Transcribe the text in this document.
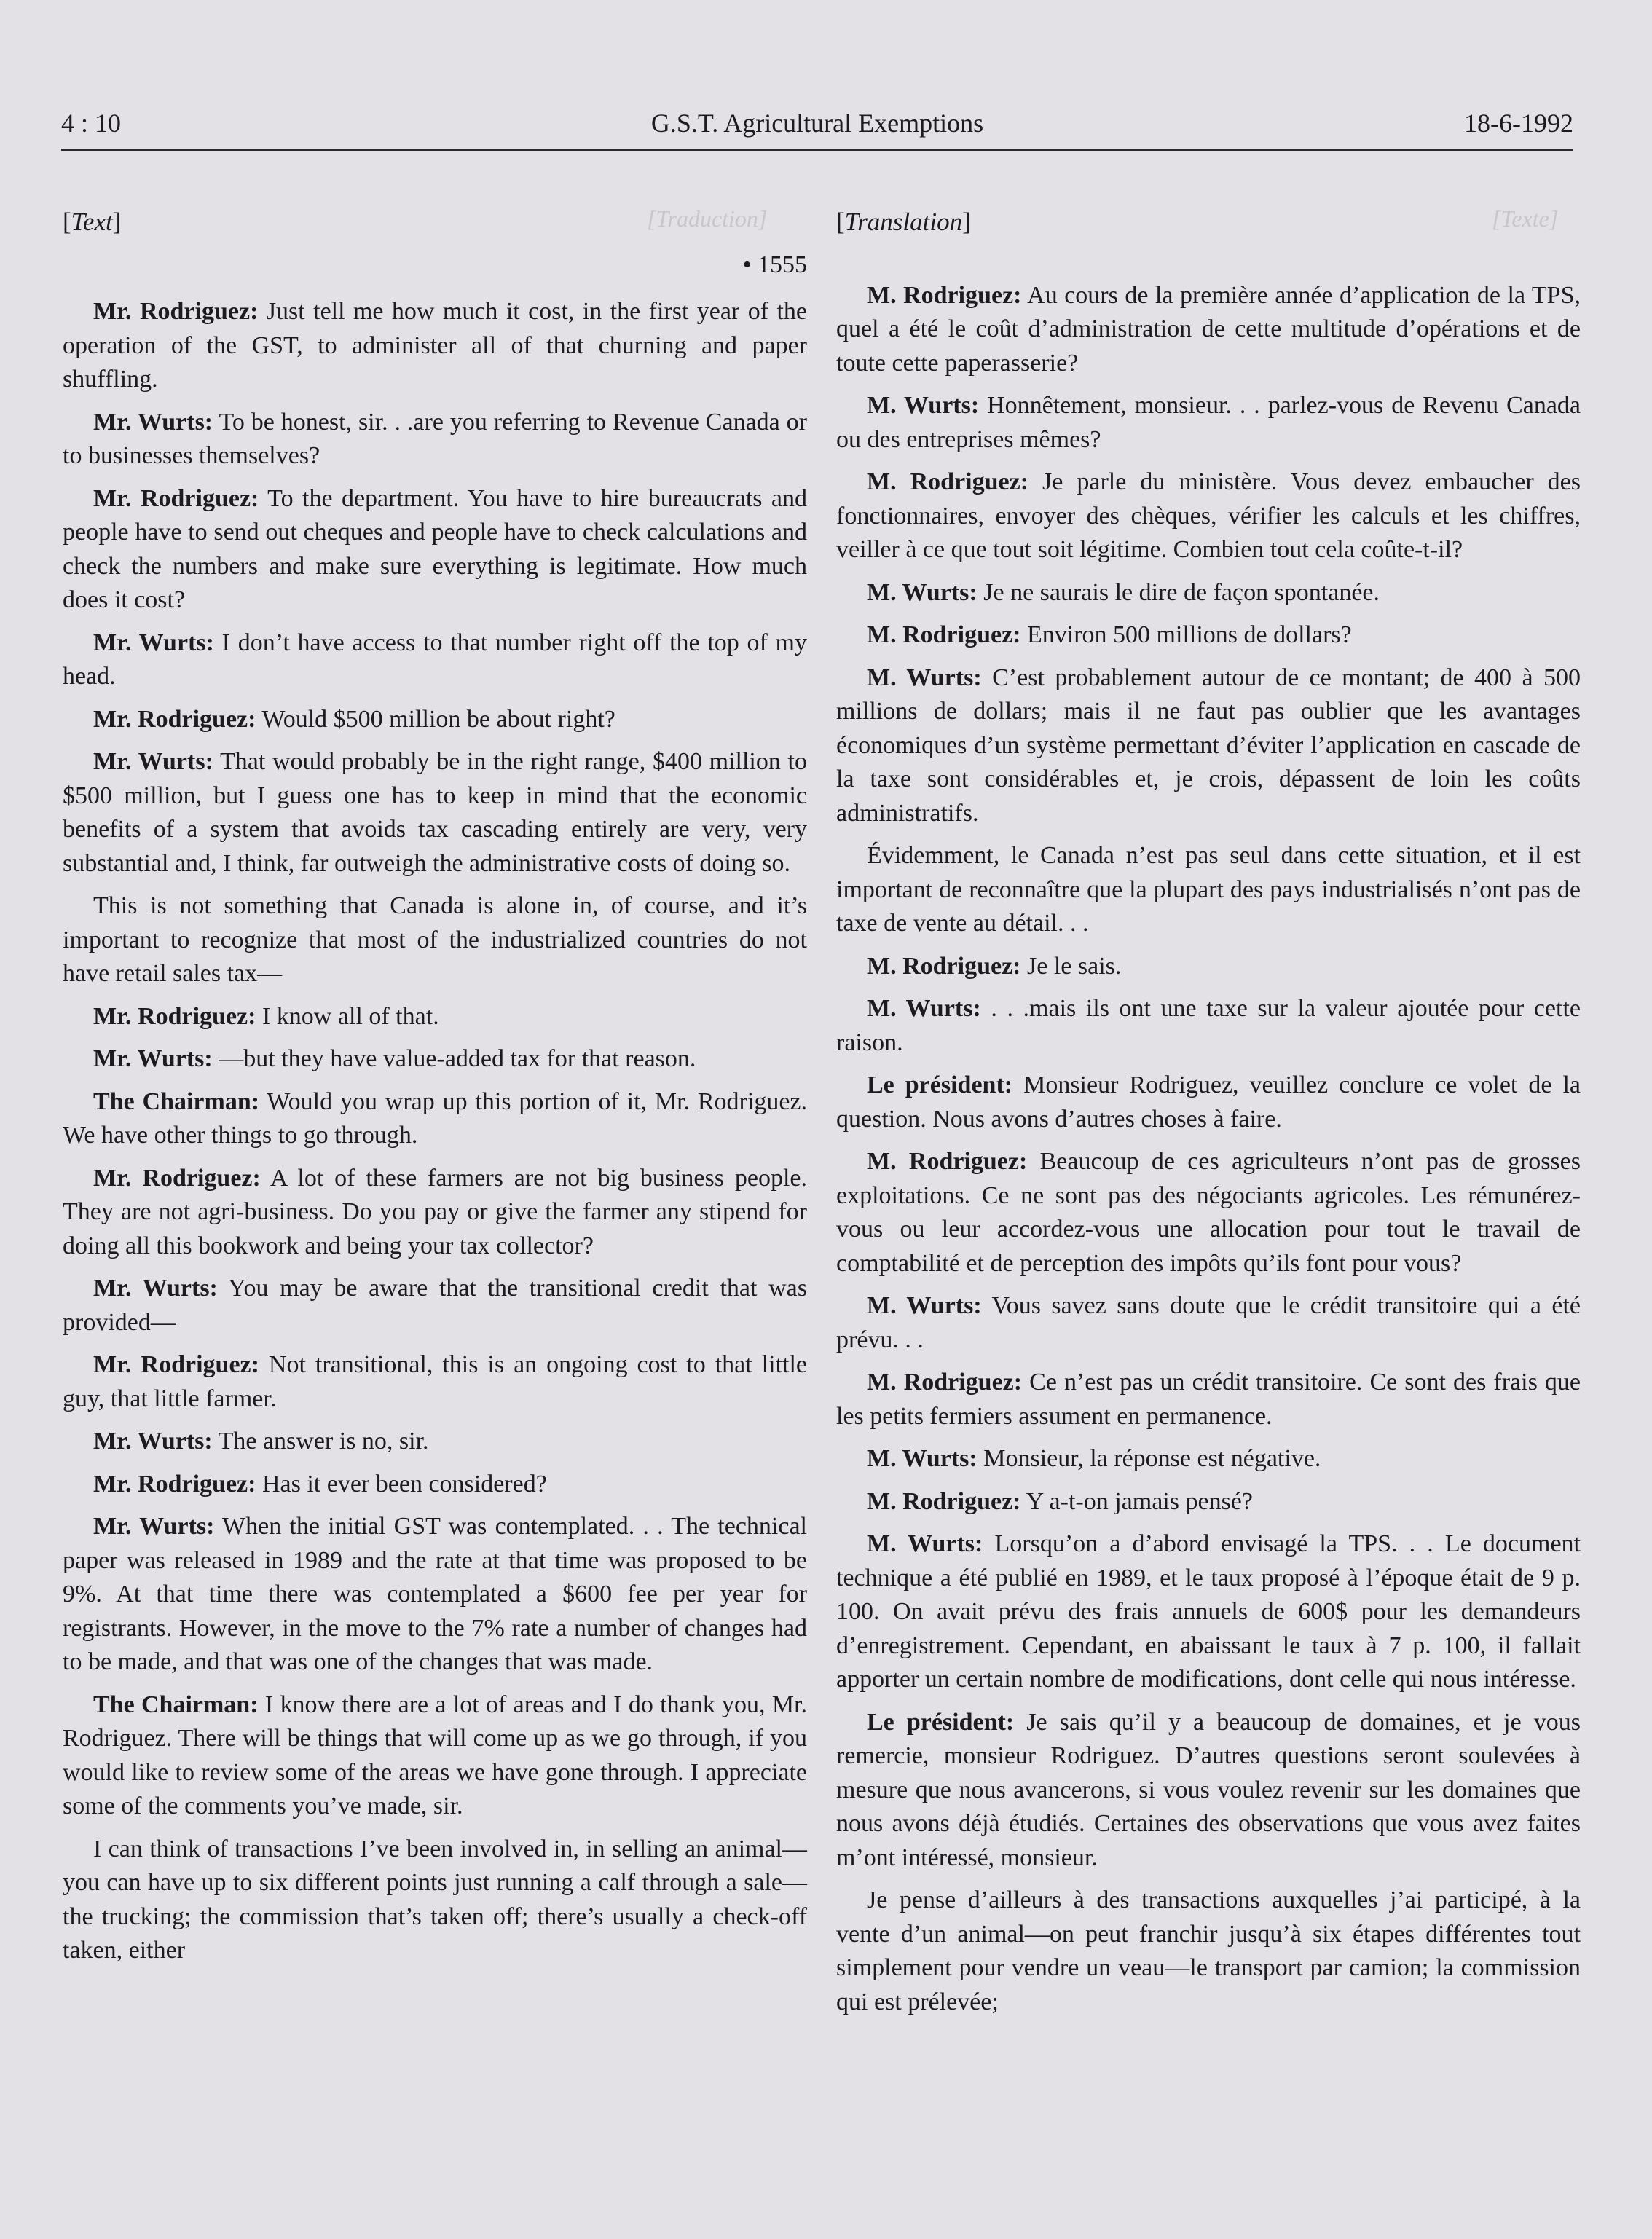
[Traduction]	[Texte]
4 : 10	G.S.T. Agricultural Exemptions	18-6-1992
[Text]
• 1555

Mr. Rodriguez: Just tell me how much it cost, in the first year of the operation of the GST, to administer all of that churning and paper shuffling.

Mr. Wurts: To be honest, sir. . .are you referring to Revenue Canada or to businesses themselves?

Mr. Rodriguez: To the department. You have to hire bureaucrats and people have to send out cheques and people have to check calculations and check the numbers and make sure everything is legitimate. How much does it cost?

Mr. Wurts: I don’t have access to that number right off the top of my head.

Mr. Rodriguez: Would $500 million be about right?

Mr. Wurts: That would probably be in the right range, $400 million to $500 million, but I guess one has to keep in mind that the economic benefits of a system that avoids tax cascading entirely are very, very substantial and, I think, far outweigh the administrative costs of doing so.

This is not something that Canada is alone in, of course, and it’s important to recognize that most of the industrialized countries do not have retail sales tax—

Mr. Rodriguez: I know all of that.

Mr. Wurts: —but they have value-added tax for that reason.

The Chairman: Would you wrap up this portion of it, Mr. Rodriguez. We have other things to go through.

Mr. Rodriguez: A lot of these farmers are not big business people. They are not agri-business. Do you pay or give the farmer any stipend for doing all this bookwork and being your tax collector?

Mr. Wurts: You may be aware that the transitional credit that was provided—

Mr. Rodriguez: Not transitional, this is an ongoing cost to that little guy, that little farmer.

Mr. Wurts: The answer is no, sir.

Mr. Rodriguez: Has it ever been considered?

Mr. Wurts: When the initial GST was contemplated. . . The technical paper was released in 1989 and the rate at that time was proposed to be 9%. At that time there was contemplated a $600 fee per year for registrants. However, in the move to the 7% rate a number of changes had to be made, and that was one of the changes that was made.

The Chairman: I know there are a lot of areas and I do thank you, Mr. Rodriguez. There will be things that will come up as we go through, if you would like to review some of the areas we have gone through. I appreciate some of the comments you’ve made, sir.

I can think of transactions I’ve been involved in, in selling an animal—you can have up to six different points just running a calf through a sale—the trucking; the commission that’s taken off; there’s usually a check-off taken, either

[Translation]

M. Rodriguez: Au cours de la première année d’application de la TPS, quel a été le coût d’administration de cette multitude d’opérations et de toute cette paperasserie?

M. Wurts: Honnêtement, monsieur. . . parlez-vous de Revenu Canada ou des entreprises mêmes?

M. Rodriguez: Je parle du ministère. Vous devez embaucher des fonctionnaires, envoyer des chèques, vérifier les calculs et les chiffres, veiller à ce que tout soit légitime. Combien tout cela coûte-t-il?

M. Wurts: Je ne saurais le dire de façon spontanée.

M. Rodriguez: Environ 500 millions de dollars?

M. Wurts: C’est probablement autour de ce montant; de 400 à 500 millions de dollars; mais il ne faut pas oublier que les avantages économiques d’un système permettant d’éviter l’application en cascade de la taxe sont considérables et, je crois, dépassent de loin les coûts administratifs.

Évidemment, le Canada n’est pas seul dans cette situation, et il est important de reconnaître que la plupart des pays industrialisés n’ont pas de taxe de vente au détail. . .

M. Rodriguez: Je le sais.

M. Wurts: . . .mais ils ont une taxe sur la valeur ajoutée pour cette raison.

Le président: Monsieur Rodriguez, veuillez conclure ce volet de la question. Nous avons d’autres choses à faire.

M. Rodriguez: Beaucoup de ces agriculteurs n’ont pas de grosses exploitations. Ce ne sont pas des négociants agricoles. Les rémunérez-vous ou leur accordez-vous une allocation pour tout le travail de comptabilité et de perception des impôts qu’ils font pour vous?

M. Wurts: Vous savez sans doute que le crédit transitoire qui a été prévu. . .

M. Rodriguez: Ce n’est pas un crédit transitoire. Ce sont des frais que les petits fermiers assument en permanence.

M. Wurts: Monsieur, la réponse est négative.

M. Rodriguez: Y a-t-on jamais pensé?

M. Wurts: Lorsqu’on a d’abord envisagé la TPS. . . Le document technique a été publié en 1989, et le taux proposé à l’époque était de 9 p. 100. On avait prévu des frais annuels de 600$ pour les demandeurs d’enregistrement. Cependant, en abaissant le taux à 7 p. 100, il fallait apporter un certain nombre de modifications, dont celle qui nous intéresse.

Le président: Je sais qu’il y a beaucoup de domaines, et je vous remercie, monsieur Rodriguez. D’autres questions seront soulevées à mesure que nous avancerons, si vous voulez revenir sur les domaines que nous avons déjà étudiés. Certaines des observations que vous avez faites m’ont intéressé, monsieur.

Je pense d’ailleurs à des transactions auxquelles j’ai participé, à la vente d’un animal—on peut franchir jusqu’à six étapes différentes tout simplement pour vendre un veau—le transport par camion; la commission qui est prélevée;
